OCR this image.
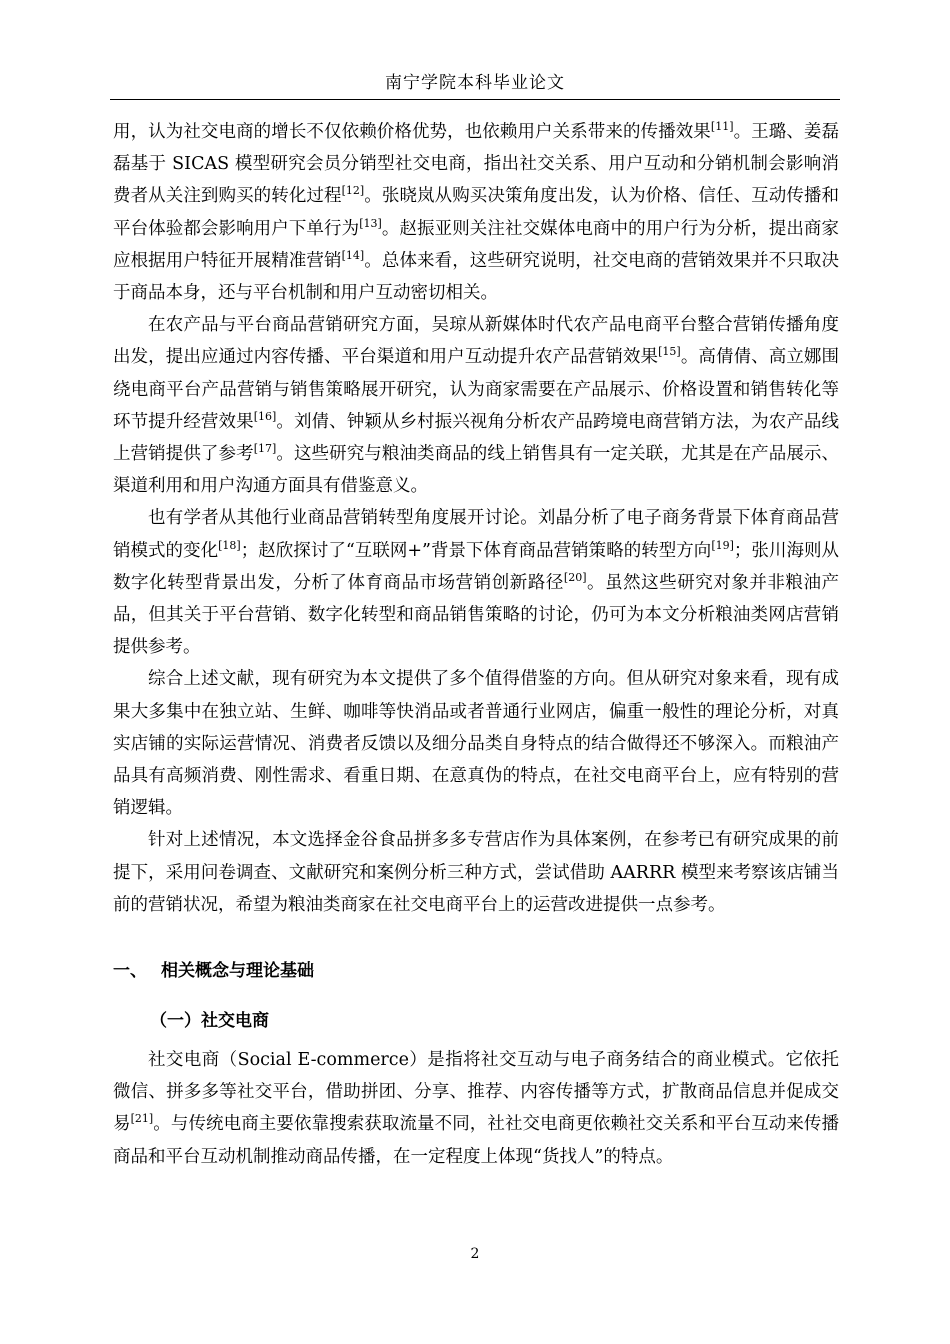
南宁学院本科毕业论文

用，认为社交电商的增长不仅依赖价格优势，也依赖用户关系带来的传播效果[11]。王璐、姜磊磊基于 SICAS 模型研究会员分销型社交电商，指出社交关系、用户互动和分销机制会影响消费者从关注到购买的转化过程[12]。张晓岚从购买决策角度出发，认为价格、信任、互动传播和平台体验都会影响用户下单行为[13]。赵振亚则关注社交媒体电商中的用户行为分析，提出商家应根据用户特征开展精准营销[14]。总体来看，这些研究说明，社交电商的营销效果并不只取决于商品本身，还与平台机制和用户互动密切相关。

在农产品与平台商品营销研究方面，吴琼从新媒体时代农产品电商平台整合营销传播角度出发，提出应通过内容传播、平台渠道和用户互动提升农产品营销效果[15]。高倩倩、高立娜围绕电商平台产品营销与销售策略展开研究，认为商家需要在产品展示、价格设置和销售转化等环节提升经营效果[16]。刘倩、钟颖从乡村振兴视角分析农产品跨境电商营销方法，为农产品线上营销提供了参考[17]。这些研究与粮油类商品的线上销售具有一定关联，尤其是在产品展示、渠道利用和用户沟通方面具有借鉴意义。

也有学者从其他行业商品营销转型角度展开讨论。刘晶分析了电子商务背景下体育商品营销模式的变化[18]；赵欣探讨了“互联网+”背景下体育商品营销策略的转型方向[19]；张川海则从数字化转型背景出发，分析了体育商品市场营销创新路径[20]。虽然这些研究对象并非粮油产品，但其关于平台营销、数字化转型和商品销售策略的讨论，仍可为本文分析粮油类网店营销提供参考。

综合上述文献，现有研究为本文提供了多个值得借鉴的方向。但从研究对象来看，现有成果大多集中在独立站、生鲜、咖啡等快消品或者普通行业网店，偏重一般性的理论分析，对真实店铺的实际运营情况、消费者反馈以及细分品类自身特点的结合做得还不够深入。而粮油产品具有高频消费、刚性需求、看重日期、在意真伪的特点，在社交电商平台上，应有特别的营销逻辑。

针对上述情况，本文选择金谷食品拼多多专营店作为具体案例，在参考已有研究成果的前提下，采用问卷调查、文献研究和案例分析三种方式，尝试借助 AARRR 模型来考察该店铺当前的营销状况，希望为粮油类商家在社交电商平台上的运营改进提供一点参考。

一、 相关概念与理论基础
（一）社交电商

社交电商（Social E-commerce）是指将社交互动与电子商务结合的商业模式。它依托微信、拼多多等社交平台，借助拼团、分享、推荐、内容传播等方式，扩散商品信息并促成交易[21]。与传统电商主要依靠搜索获取流量不同，社社交电商更依赖社交关系和平台互动来传播商品和平台互动机制推动商品传播，在一定程度上体现“货找人”的特点。

2
